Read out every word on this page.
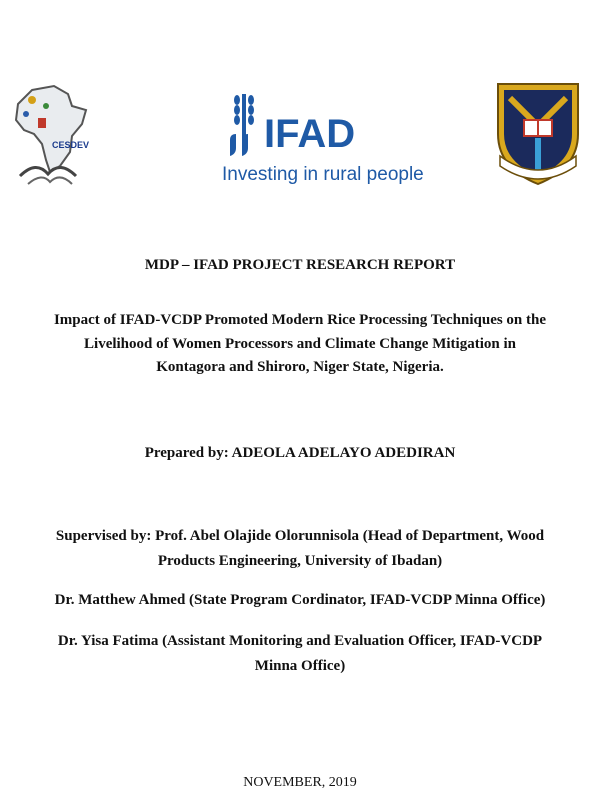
CESDEV	IFAD
Investing in rural people
MDP – IFAD PROJECT RESEARCH REPORT
Impact of IFAD-VCDP Promoted Modern Rice Processing Techniques on the
Livelihood of Women Processors and Climate Change Mitigation in
Kontagora and Shiroro, Niger State, Nigeria.
Prepared by: ADEOLA ADELAYO ADEDIRAN
Supervised by: Prof. Abel Olajide Olorunnisola (Head of Department, Wood
Products Engineering, University of Ibadan)
Dr. Matthew Ahmed (State Program Cordinator, IFAD-VCDP Minna Office)
Dr. Yisa Fatima (Assistant Monitoring and Evaluation Officer, IFAD-VCDP
Minna Office)
NOVEMBER, 2019
